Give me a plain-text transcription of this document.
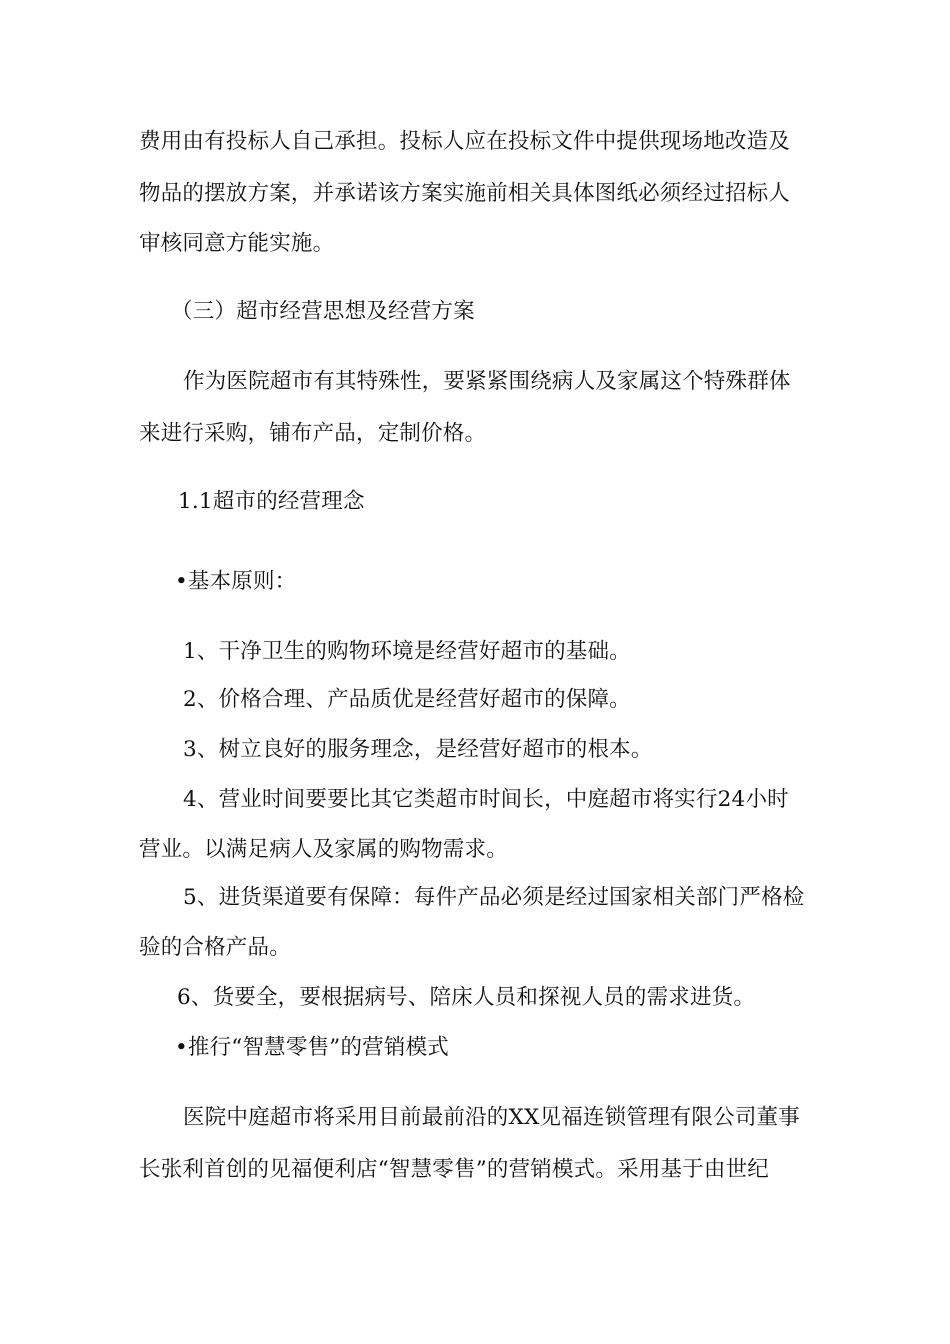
费用由有投标人自己承担。投标人应在投标文件中提供现场地改造及
物品的摆放方案，并承诺该方案实施前相关具体图纸必须经过招标人
审核同意方能实施。
（三）超市经营思想及经营方案
作为医院超市有其特殊性，要紧紧围绕病人及家属这个特殊群体
来进行采购，铺布产品，定制价格。
1.1超市的经营理念
•基本原则：
1、干净卫生的购物环境是经营好超市的基础。
2、价格合理、产品质优是经营好超市的保障。
3、树立良好的服务理念，是经营好超市的根本。
4、营业时间要要比其它类超市时间长，中庭超市将实行24小时
营业。以满足病人及家属的购物需求。
5、进货渠道要有保障：每件产品必须是经过国家相关部门严格检
验的合格产品。
6、货要全，要根据病号、陪床人员和探视人员的需求进货。
•推行“智慧零售”的营销模式
医院中庭超市将采用目前最前沿的XX见福连锁管理有限公司董事
长张利首创的见福便利店“智慧零售”的营销模式。采用基于由世纪
